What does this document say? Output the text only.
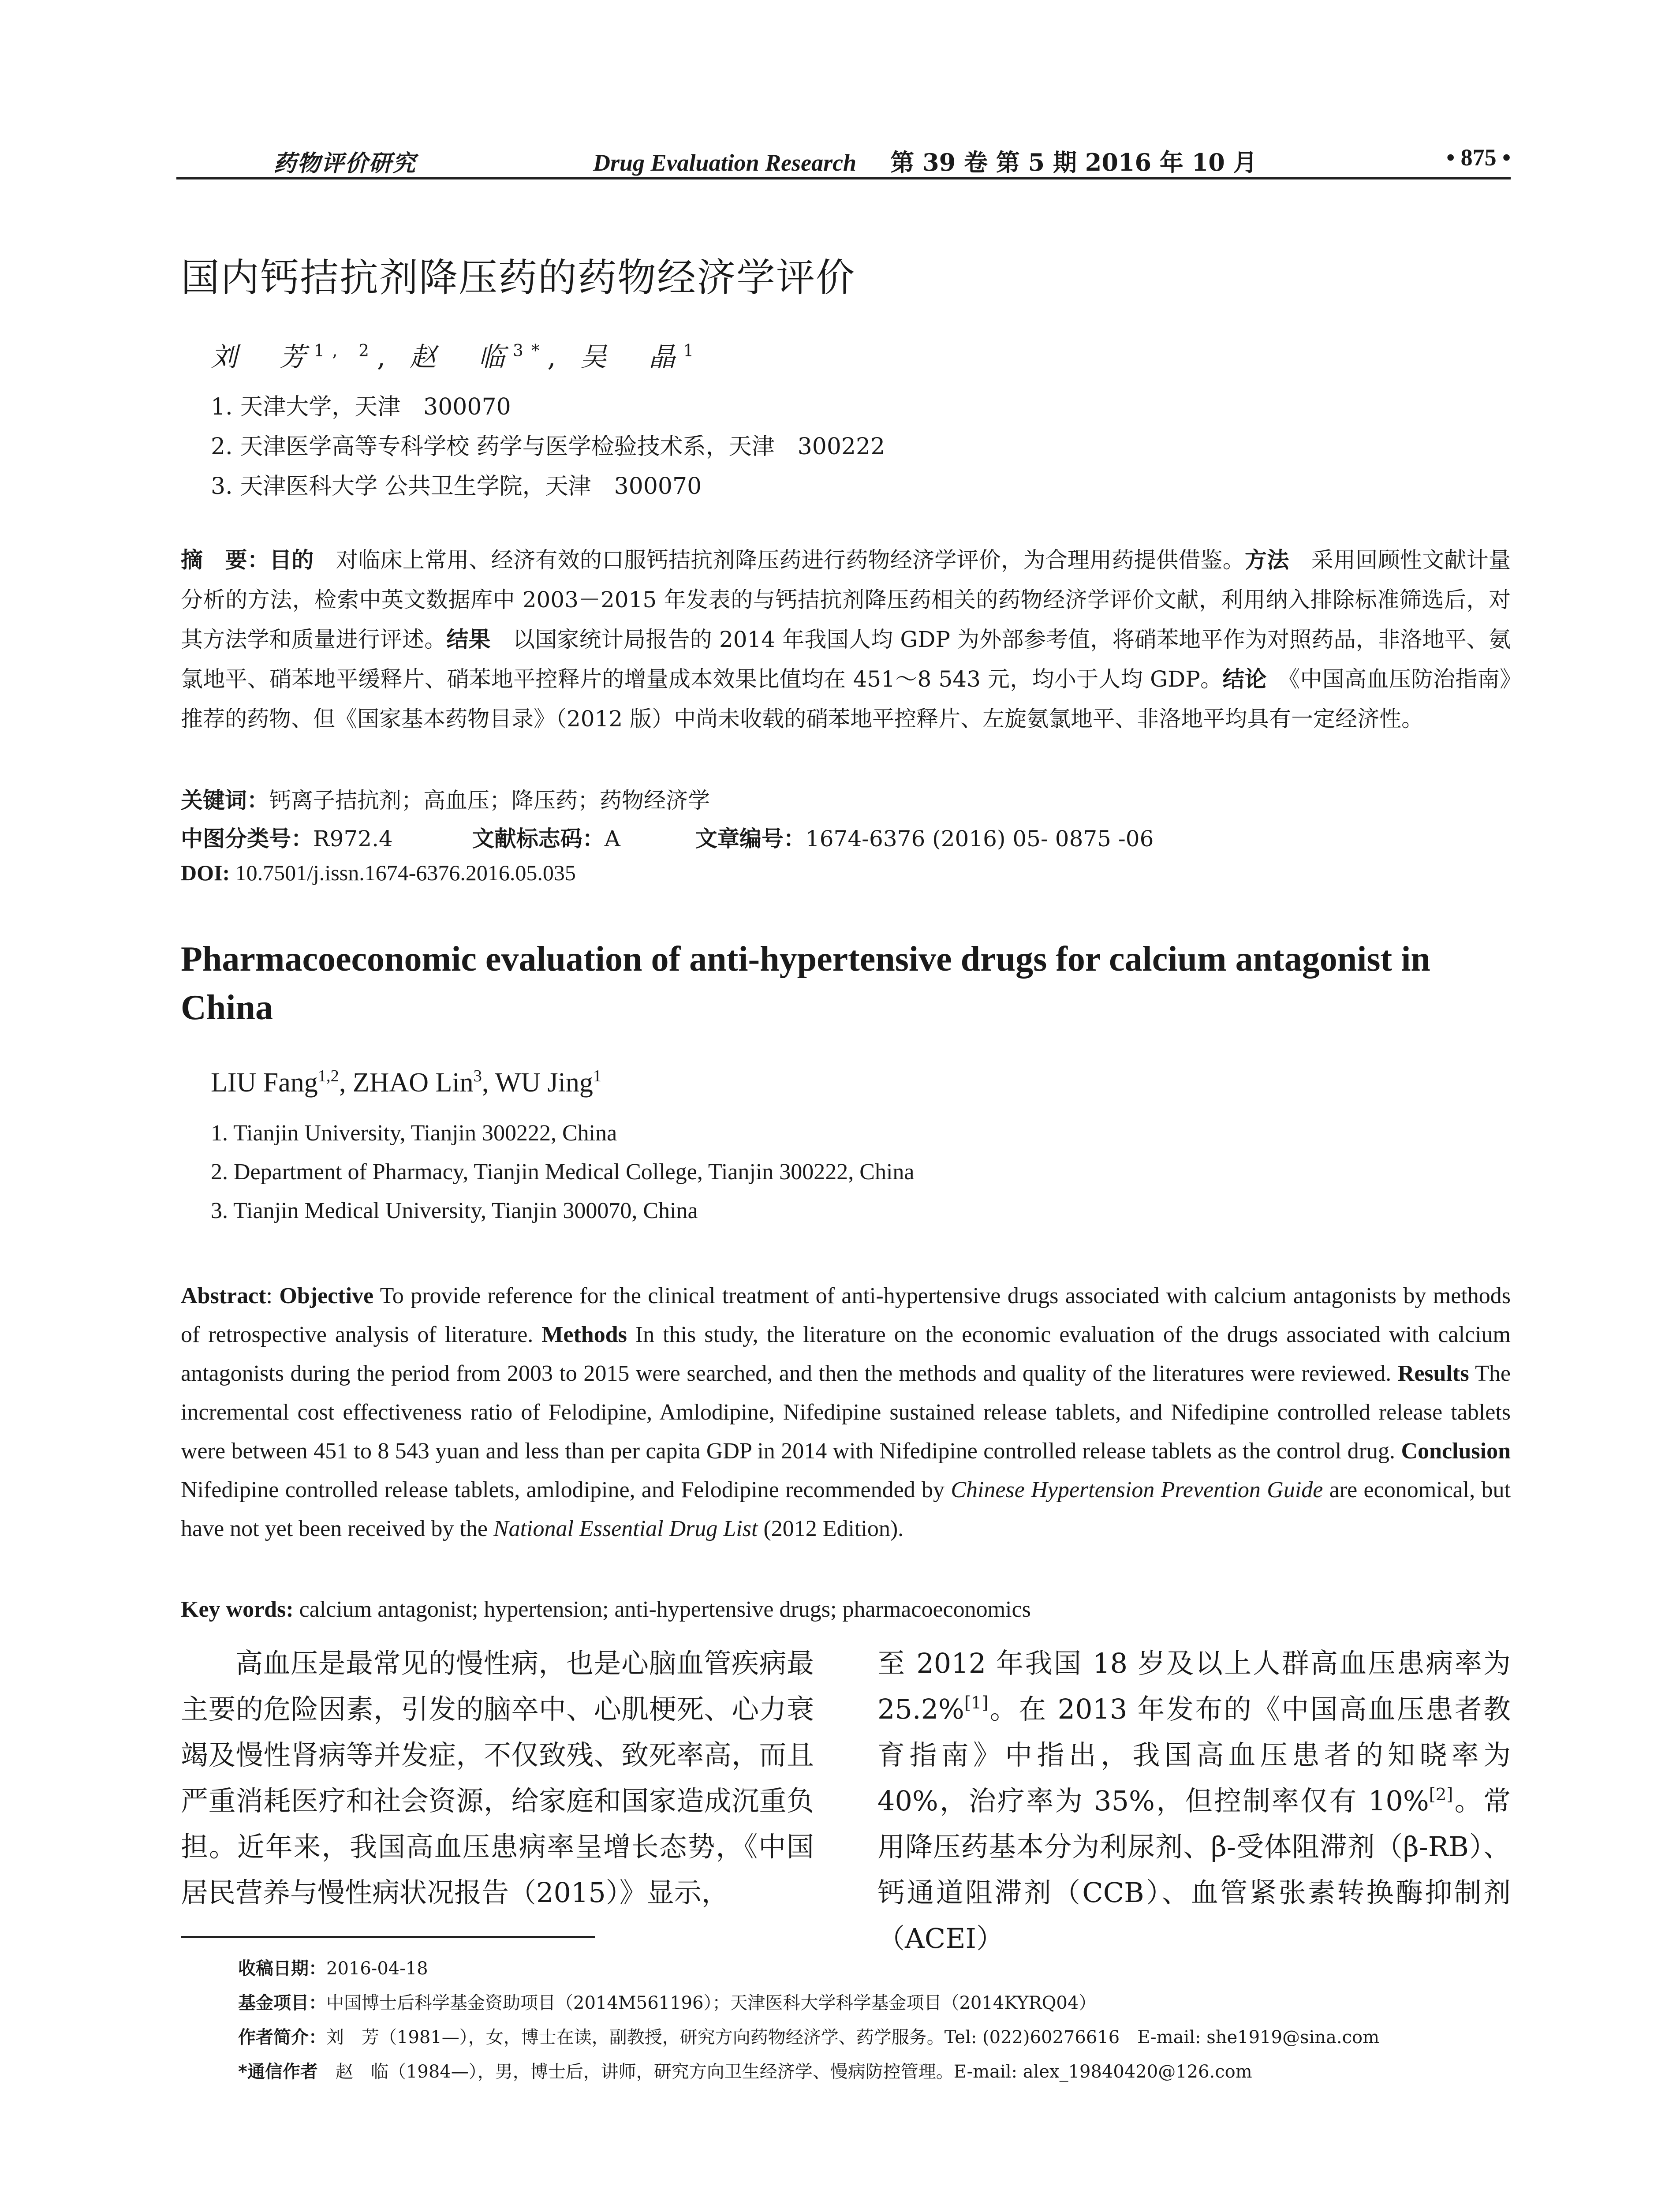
药物评价研究	Drug Evaluation Research 第 39 卷 第 5 期 2016 年 10 月	• 875 •
国内钙拮抗剂降压药的药物经济学评价
刘　芳$^{1, 2}$, 赵　临$^{3*}$, 吴　晶$^1$
1. 天津大学，天津　300070
2. 天津医学高等专科学校 药学与医学检验技术系，天津　300222
3. 天津医科大学 公共卫生学院，天津　300070
摘　要：目的　对临床上常用、经济有效的口服钙拮抗剂降压药进行药物经济学评价，为合理用药提供借鉴。方法　采用回顾性文献计量分析的方法，检索中英文数据库中 2003－2015 年发表的与钙拮抗剂降压药相关的药物经济学评价文献，利用纳入排除标准筛选后，对其方法学和质量进行评述。结果　以国家统计局报告的 2014 年我国人均 GDP 为外部参考值，将硝苯地平作为对照药品，非洛地平、氨氯地平、硝苯地平缓释片、硝苯地平控释片的增量成本效果比值均在 451～8 543 元，均小于人均 GDP。结论　《中国高血压防治指南》推荐的药物、但《国家基本药物目录》（2012 版）中尚未收载的硝苯地平控释片、左旋氨氯地平、非洛地平均具有一定经济性。
关键词：钙离子拮抗剂；高血压；降压药；药物经济学
中图分类号：R972.4	文献标志码：A	文章编号：1674-6376 (2016) 05- 0875 -06
DOI: 10.7501/j.issn.1674-6376.2016.05.035
Pharmacoeconomic evaluation of anti-hypertensive drugs for calcium antagonist in China
LIU Fang$^{1,2}$, ZHAO Lin$^3$, WU Jing$^1$
1. Tianjin University, Tianjin 300222, China
2. Department of Pharmacy, Tianjin Medical College, Tianjin 300222, China
3. Tianjin Medical University, Tianjin 300070, China
Abstract: Objective To provide reference for the clinical treatment of anti-hypertensive drugs associated with calcium antagonists by methods of retrospective analysis of literature. Methods In this study, the literature on the economic evaluation of the drugs associated with calcium antagonists during the period from 2003 to 2015 were searched, and then the methods and quality of the literatures were reviewed. Results The incremental cost effectiveness ratio of Felodipine, Amlodipine, Nifedipine sustained release tablets, and Nifedipine controlled release tablets were between 451 to 8 543 yuan and less than per capita GDP in 2014 with Nifedipine controlled release tablets as the control drug. Conclusion Nifedipine controlled release tablets, amlodipine, and Felodipine recommended by Chinese Hypertension Prevention Guide are economical, but have not yet been received by the National Essential Drug List (2012 Edition).
Key words: calcium antagonist; hypertension; anti-hypertensive drugs; pharmacoeconomics
高血压是最常见的慢性病，也是心脑血管疾病最主要的危险因素，引发的脑卒中、心肌梗死、心力衰竭及慢性肾病等并发症，不仅致残、致死率高，而且严重消耗医疗和社会资源，给家庭和国家造成沉重负担。近年来，我国高血压患病率呈增长态势，《中国居民营养与慢性病状况报告（2015）》显示，
至 2012 年我国 18 岁及以上人群高血压患病率为 25.2%[1]。在 2013 年发布的《中国高血压患者教育指南》中指出，我国高血压患者的知晓率为 40%，治疗率为 35%，但控制率仅有 10%[2]。常用降压药基本分为利尿剂、β-受体阻滞剂（β-RB）、钙通道阻滞剂（CCB）、血管紧张素转换酶抑制剂（ACEI）
收稿日期：2016-04-18
基金项目：中国博士后科学基金资助项目（2014M561196）；天津医科大学科学基金项目（2014KYRQ04）
作者简介：刘　芳（1981—），女，博士在读，副教授，研究方向药物经济学、药学服务。Tel: (022)60276616　E-mail: she1919@sina.com
*通信作者　赵　临（1984—），男，博士后，讲师，研究方向卫生经济学、慢病防控管理。E-mail: alex_19840420@126.com
